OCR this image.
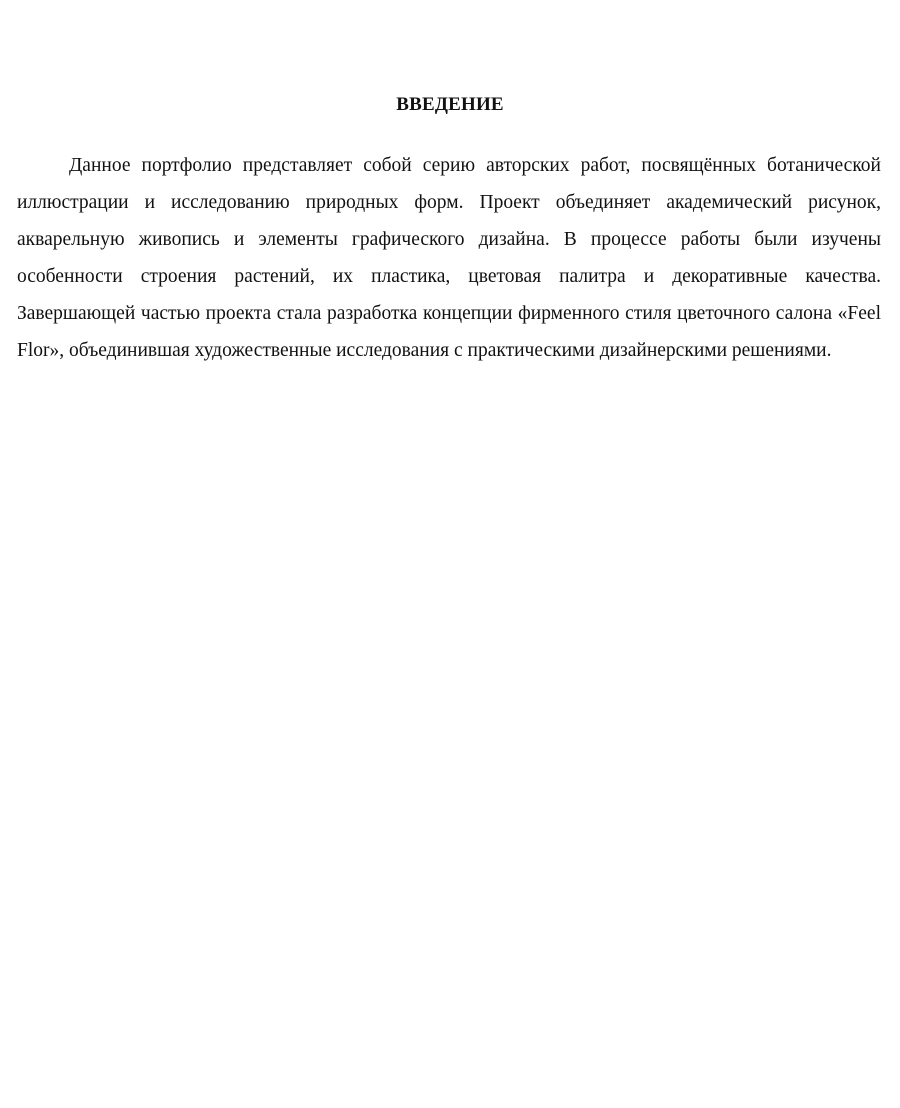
ВВЕДЕНИЕ

Данное портфолио представляет собой серию авторских работ, посвящённых ботанической иллюстрации и исследованию природных форм. Проект объединяет академический рисунок, акварельную живопись и элементы графического дизайна. В процессе работы были изучены особенности строения растений, их пластика, цветовая палитра и декоративные качества. Завершающей частью проекта стала разработка концепции фирменного стиля цветочного салона «Feel Flor», объединившая художественные исследования с практическими дизайнерскими решениями.
